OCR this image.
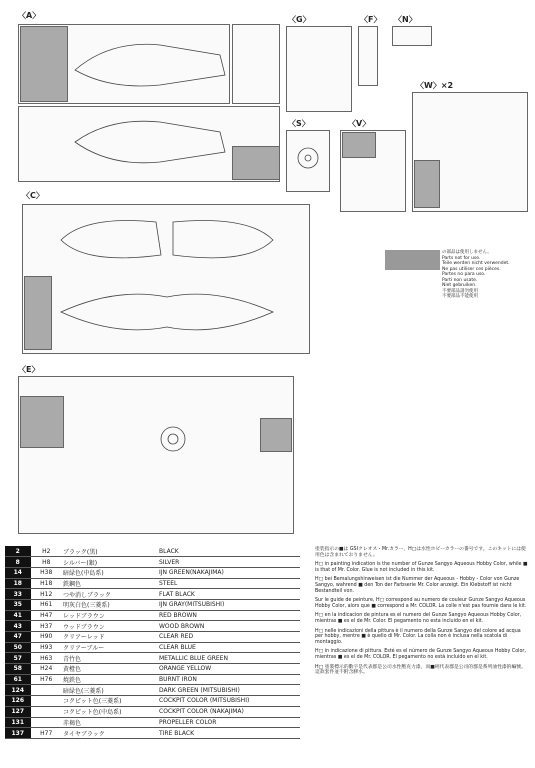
〈A〉	〈G〉	〈F〉 〈N〉
〈W〉×2
〈S〉	〈V〉
〈C〉
の部品は使用しません。
Parts not for use.
Teile werden nicht verwendet.
Ne pas utiliser ces pièces.
Partes no para uso.
Parti non usate.
Niet gebruiken.
不要部品請勿使用
不要部品不能使用
〈E〉
2	H2	ブラック(黒)	BLACK
8	H8	シルバー(銀)	SILVER
14	H38	暗緑色(中島系)	IJN GREEN(NAKAJIMA)
18	H18	鉄鋼色	STEEL
33	H12	つや消しブラック	FLAT BLACK
35	H61	明灰白色(三菱系)	IJN GRAY(MITSUBISHI)
41	H47	レッドブラウン	RED BROWN
43	H37	ウッドブラウン	WOOD BROWN
47	H90	クリアーレッド	CLEAR RED
50	H93	クリアーブルー	CLEAR BLUE
57	H63	青竹色	METALLIC BLUE GREEN
58	H24	黄橙色	ORANGE YELLOW
61	H76	焼鉄色	BURNT IRON
124		暗緑色(三菱系)	DARK GREEN (MITSUBISHI)
126		コクピット色(三菱系)	COCKPIT COLOR (MITSUBISHI)
127		コクピット色(中島系)	COCKPIT COLOR (NAKAJIMA)
131		赤褐色	PROPELLER COLOR
137	H77	タイヤブラック	TIRE BLACK

塗装指示の■は GSIクレオス・Mr.カラー、H□は水性ホビーカラーの番号です。このキットには使用色は含まれておりません。

H□ in painting indication is the number of Gunze Sangyo Aqueous Hobby Color, while ■ is that of Mr. Color. Glue is not included in this kit.

H□ bei Bemalungshinweisen ist die Nummer der Aqueous - Hobby - Color von Gunze Sangyo, wahrend ■ den Ton der Farbserie Mr. Color anzeigt. Ein Klebstoff ist nicht Bestandteil von.

Sur le guide de peinture, H□ correspond au numero de couleur Gunze Sangyo Aqueous Hobby Color, alors que ■ correspond a Mr. COLOR. La colle n'est pas fournie dans le kit.

H□ en la indicacion de pintura es el numero del Gunze Sangyo Aqueous Hobby Color, mientras ■ es el de Mr. Color. El pegamento no esta incluido en el kit.

H□ nelle indicazioni della pittura è il numero della Gunze Sangyo del colore ad acqua per hobby, mentre ■ è quello di Mr. Color. La colla non è inclusa nella scatola di montaggio.

H□ in indicazione di pittura. Esté es el número de Gunze Sangyo Aqueous Hobby Color, mientras ■ es el de Mr. COLOR. El pegamento no está incluido en el kit.

H□ 塗裝標示的數字是代表郡是公司水性壓克力漆，而■則代表郡是公司的郡是系列油性漆的編號。這款套件並不附含膠水。
